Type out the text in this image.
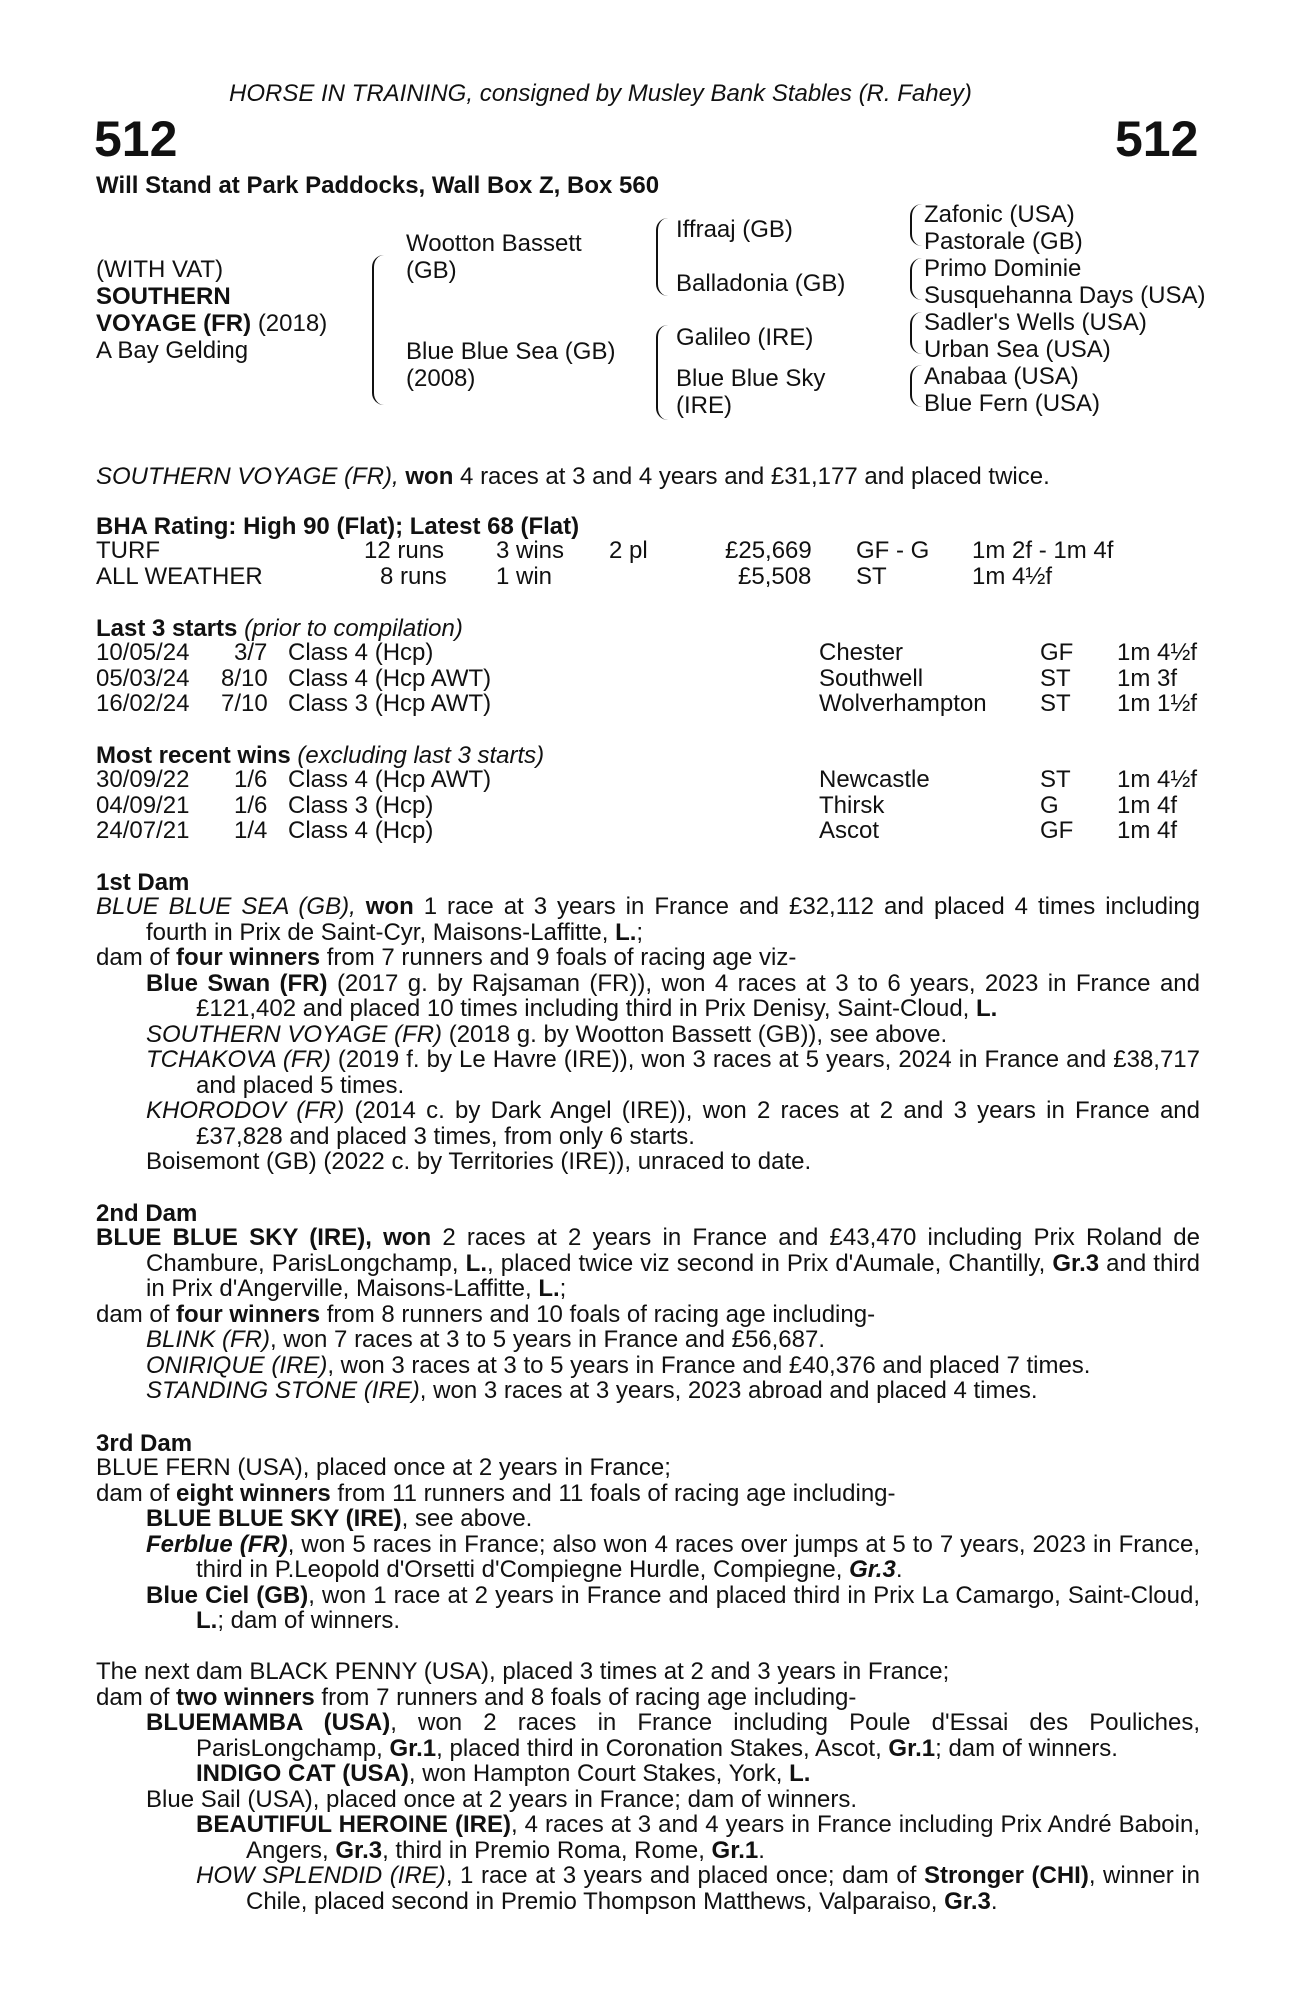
HORSE IN TRAINING, consigned by Musley Bank Stables (R. Fahey)
512	512
Will Stand at Park Paddocks, Wall Box Z, Box 560
(WITH VAT)
SOUTHERN
VOYAGE (FR) (2018)
A Bay Gelding
Wootton Bassett
(GB)
Blue Blue Sea (GB)
(2008)
Iffraaj (GB)
Balladonia (GB)
Galileo (IRE)
Blue Blue Sky
(IRE)
Zafonic (USA)
Pastorale (GB)
Primo Dominie
Susquehanna Days (USA)
Sadler's Wells (USA)
Urban Sea (USA)
Anabaa (USA)
Blue Fern (USA)
SOUTHERN VOYAGE (FR), won 4 races at 3 and 4 years and £31,177 and placed twice.
BHA Rating: High 90 (Flat); Latest 68 (Flat)
TURF	12 runs 3 wins 2 pl	£25,669 GF - G 1m 2f - 1m 4f
ALL WEATHER	8 runs 1 win	£5,508 ST	1m 4½f
Last 3 starts (prior to compilation)
10/05/24 3/7 Class 4 (Hcp)	Chester	GF 1m 4½f
05/03/24 8/10 Class 4 (Hcp AWT)	Southwell	ST 1m 3f
16/02/24 7/10 Class 3 (Hcp AWT)	Wolverhampton ST 1m 1½f
Most recent wins (excluding last 3 starts)
30/09/22 1/6 Class 4 (Hcp AWT)	Newcastle	ST 1m 4½f
04/09/21 1/6 Class 3 (Hcp)	Thirsk	G 1m 4f
24/07/21 1/4 Class 4 (Hcp)	Ascot	GF 1m 4f
1st Dam
BLUE BLUE SEA (GB), won 1 race at 3 years in France and £32,112 and placed 4 times including fourth in Prix de Saint-Cyr, Maisons-Laffitte, L.;
dam of four winners from 7 runners and 9 foals of racing age viz-
Blue Swan (FR) (2017 g. by Rajsaman (FR)), won 4 races at 3 to 6 years, 2023 in France and £121,402 and placed 10 times including third in Prix Denisy, Saint-Cloud, L.
SOUTHERN VOYAGE (FR) (2018 g. by Wootton Bassett (GB)), see above.
TCHAKOVA (FR) (2019 f. by Le Havre (IRE)), won 3 races at 5 years, 2024 in France and £38,717 and placed 5 times.
KHORODOV (FR) (2014 c. by Dark Angel (IRE)), won 2 races at 2 and 3 years in France and £37,828 and placed 3 times, from only 6 starts.
Boisemont (GB) (2022 c. by Territories (IRE)), unraced to date.
2nd Dam
BLUE BLUE SKY (IRE), won 2 races at 2 years in France and £43,470 including Prix Roland de Chambure, ParisLongchamp, L., placed twice viz second in Prix d'Aumale, Chantilly, Gr.3 and third in Prix d'Angerville, Maisons-Laffitte, L.;
dam of four winners from 8 runners and 10 foals of racing age including-
BLINK (FR), won 7 races at 3 to 5 years in France and £56,687.
ONIRIQUE (IRE), won 3 races at 3 to 5 years in France and £40,376 and placed 7 times.
STANDING STONE (IRE), won 3 races at 3 years, 2023 abroad and placed 4 times.
3rd Dam
BLUE FERN (USA), placed once at 2 years in France;
dam of eight winners from 11 runners and 11 foals of racing age including-
BLUE BLUE SKY (IRE), see above.
Ferblue (FR), won 5 races in France; also won 4 races over jumps at 5 to 7 years, 2023 in France, third in P.Leopold d'Orsetti d'Compiegne Hurdle, Compiegne, Gr.3.
Blue Ciel (GB), won 1 race at 2 years in France and placed third in Prix La Camargo, Saint-Cloud, L.; dam of winners.
The next dam BLACK PENNY (USA), placed 3 times at 2 and 3 years in France;
dam of two winners from 7 runners and 8 foals of racing age including-
BLUEMAMBA (USA), won 2 races in France including Poule d'Essai des Pouliches, ParisLongchamp, Gr.1, placed third in Coronation Stakes, Ascot, Gr.1; dam of winners.
INDIGO CAT (USA), won Hampton Court Stakes, York, L.
Blue Sail (USA), placed once at 2 years in France; dam of winners.
BEAUTIFUL HEROINE (IRE), 4 races at 3 and 4 years in France including Prix André Baboin, Angers, Gr.3, third in Premio Roma, Rome, Gr.1.
HOW SPLENDID (IRE), 1 race at 3 years and placed once; dam of Stronger (CHI), winner in Chile, placed second in Premio Thompson Matthews, Valparaiso, Gr.3.
